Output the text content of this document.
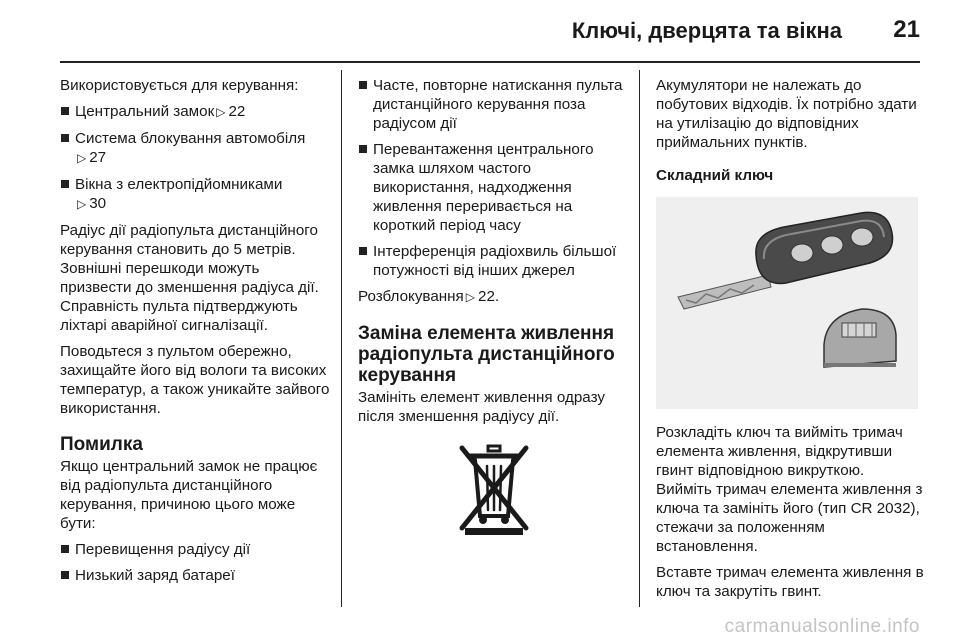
Ключі, дверцята та вікна 21

Використовується для керування:

Центральний замок ▷ 22
Система блокування автомобіля
▷ 27
Вікна з електропідйомниками
▷ 30

Радіус дії радіопульта дистанційного керування становить до 5 метрів. Зовнішні перешкоди можуть призвести до зменшення радіуса дії. Справність пульта підтверджують ліхтарі аварійної сигналізації.

Поводьтеся з пультом обережно, захищайте його від вологи та високих температур, а також уникайте зайвого використання.

Помилка

Якщо центральний замок не працює від радіопульта дистанційного керування, причиною цього може бути:

Перевищення радіусу дії
Низький заряд батареї
Часте, повторне натискання пульта дистанційного керування поза радіусом дії
Перевантаження центрального замка шляхом частого використання, надходження живлення переривається на короткий період часу
Інтерференція радіохвиль більшої потужності від інших джерел

Розблокування ▷ 22.

Заміна елемента живлення радіопульта дистанційного керування

Замініть елемент живлення одразу після зменшення радіусу дії.

Акумулятори не належать до побутових відходів. Їх потрібно здати на утилізацію до відповідних приймальних пунктів.

Складний ключ

Розкладіть ключ та вийміть тримач елемента живлення, відкрутивши гвинт відповідною викруткою. Вийміть тримач елемента живлення з ключа та замініть його (тип CR 2032), стежачи за положенням встановлення.

Вставте тримач елемента живлення в ключ та закрутіть гвинт.

carmanualsonline.info
